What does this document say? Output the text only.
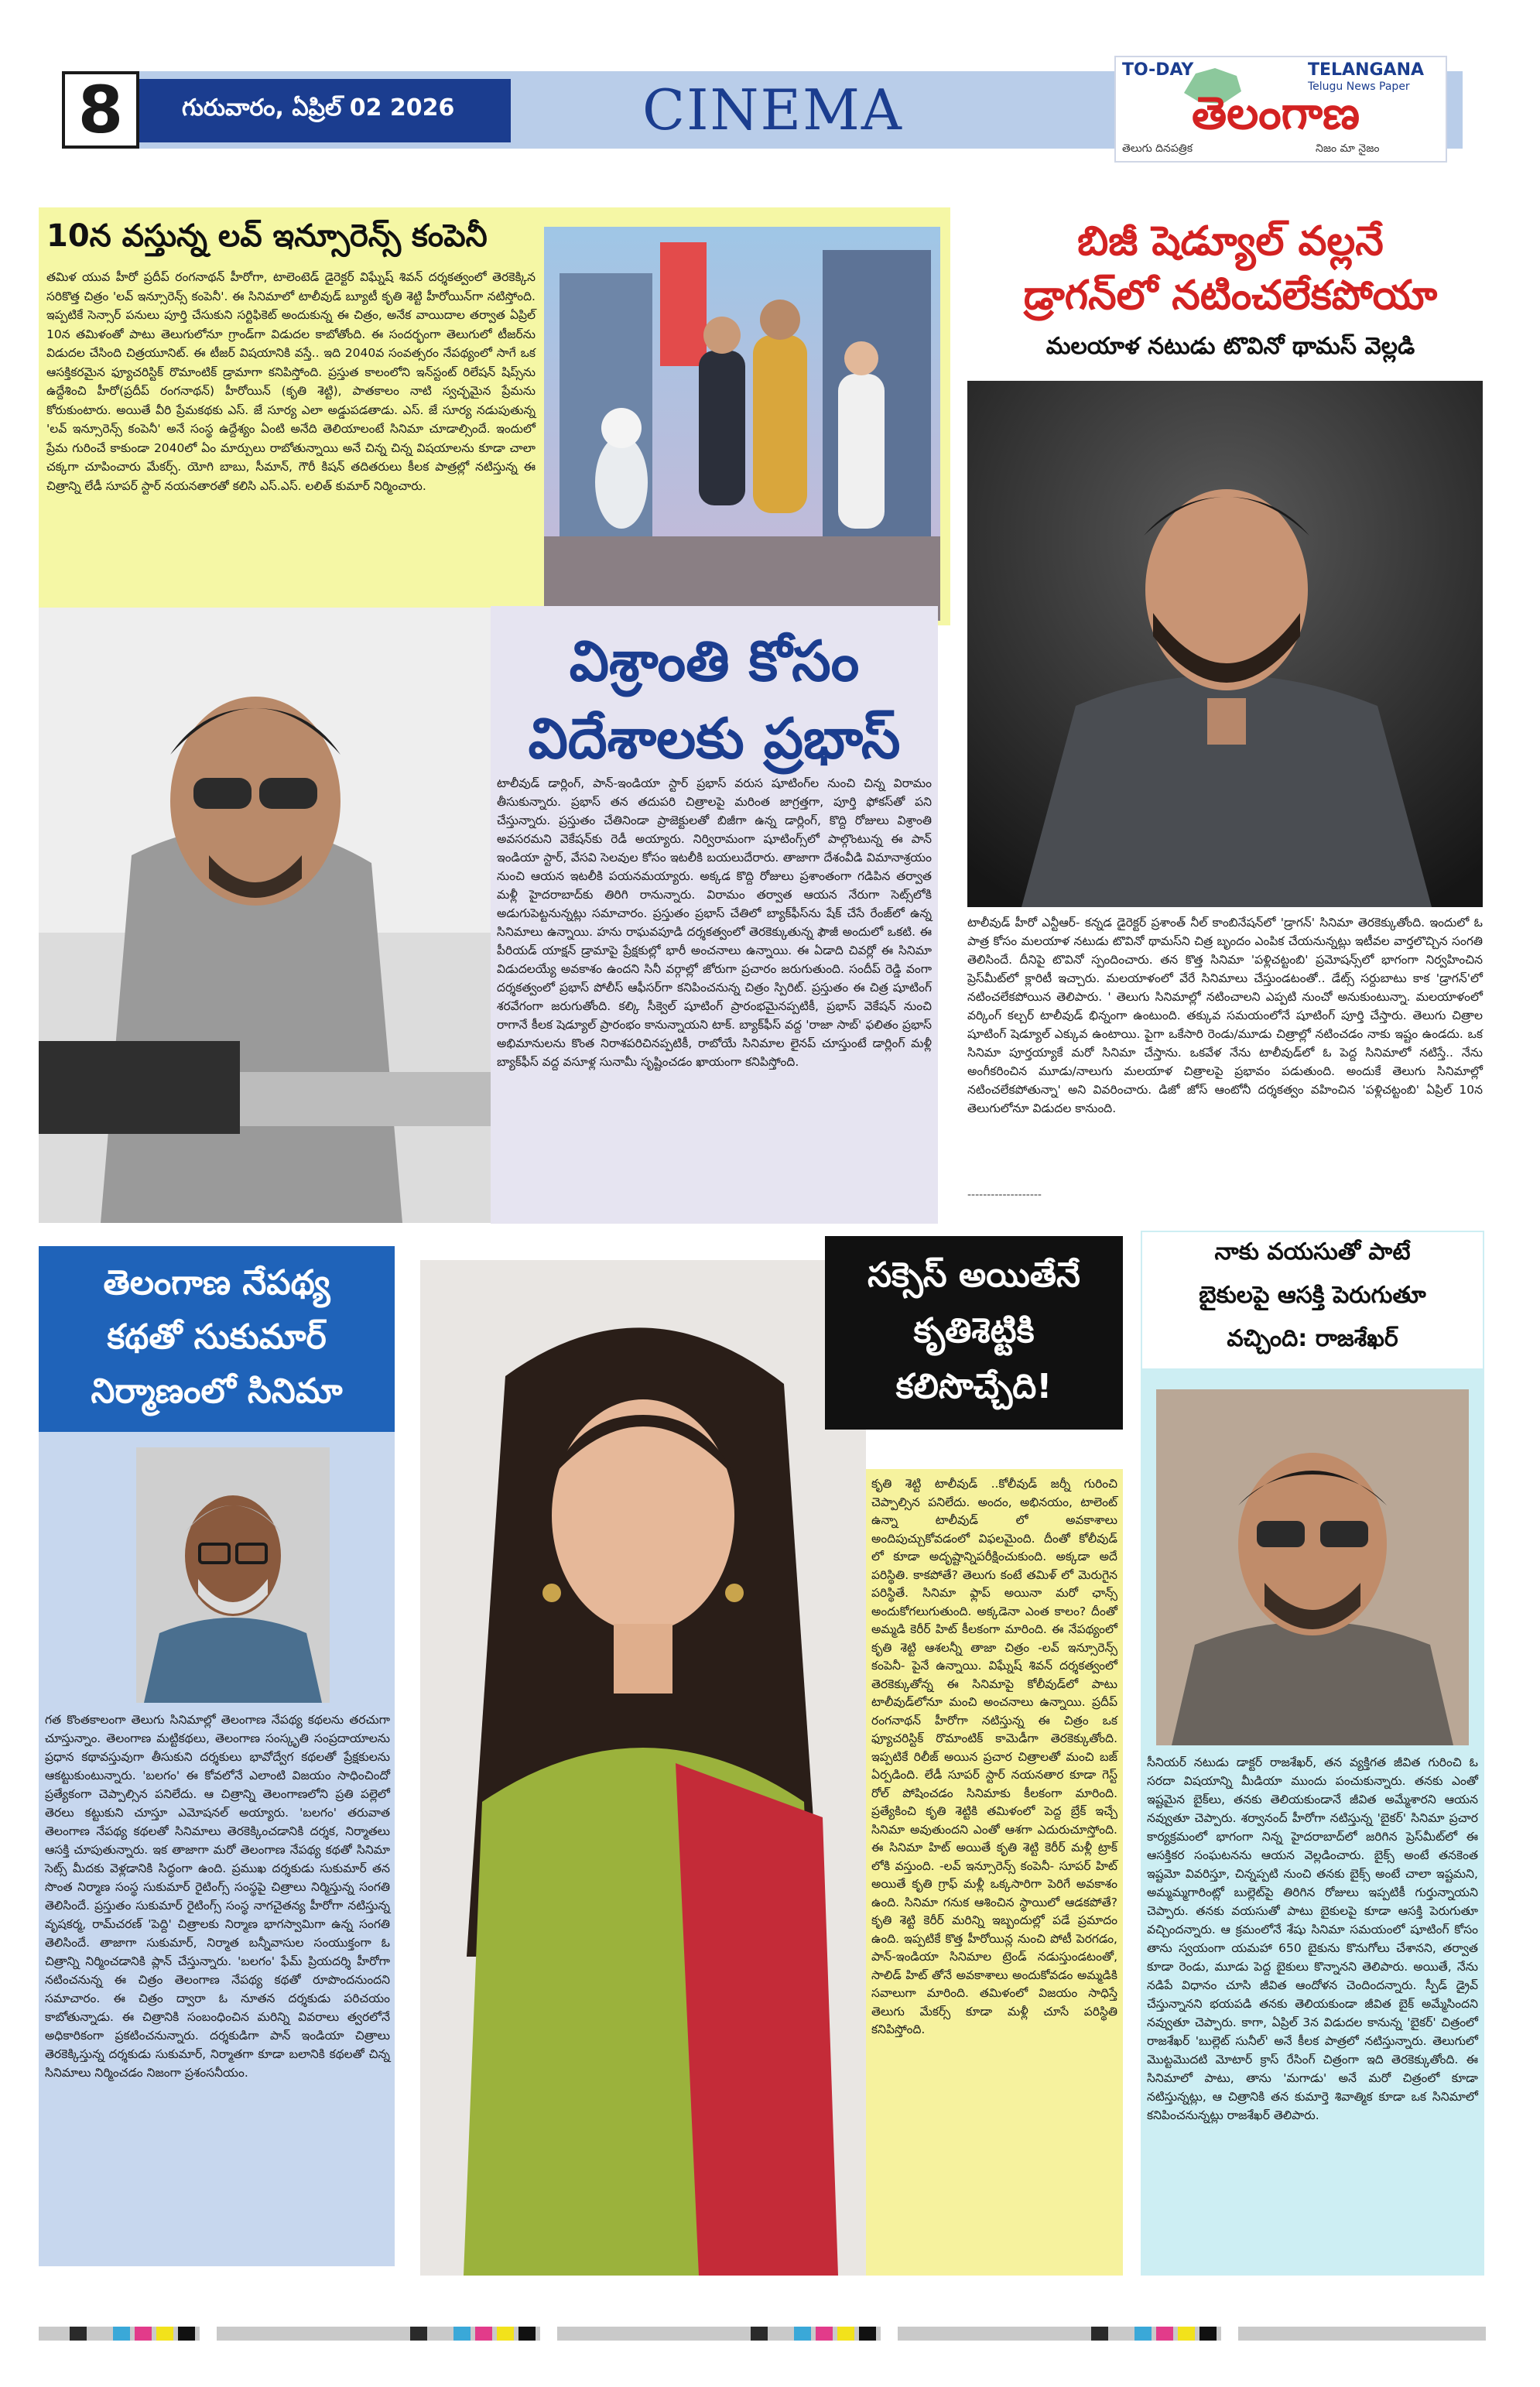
8	గురువారం, ఏప్రిల్ 02 2026	CINEMA
TO-DAY	TELANGANA
Telugu News Paper
తెలంగాణ
తెలుగు దినపత్రిక	నిజం మా నైజం
10న వస్తున్న లవ్ ఇన్సూరెన్స్ కంపెనీ
తమిళ యువ హీరో ప్రదీప్ రంగనాథన్ హీరోగా, టాలెంటెడ్ డైరెక్టర్ విఘ్నేష్ శివన్ దర్శకత్వంలో తెరకెక్కిన సరికొత్త చిత్రం 'లవ్ ఇన్సూరెన్స్ కంపెనీ'. ఈ సినిమాలో టాలీవుడ్ బ్యూటీ కృతి శెట్టి హీరోయిన్‌గా నటిస్తోంది. ఇప్పటికే సెన్సార్ పనులు పూర్తి చేసుకుని సర్టిఫికెట్ అందుకున్న ఈ చిత్రం, అనేక వాయిదాల తర్వాత ఏప్రిల్ 10న తమిళంతో పాటు తెలుగులోనూ గ్రాండ్‌గా విడుదల కాబోతోంది. ఈ సందర్భంగా తెలుగులో టీజర్‌ను విడుదల చేసింది చిత్రయూనిట్. ఈ టీజర్ విషయానికి వస్తే.. ఇది 2040వ సంవత్సరం నేపథ్యంలో సాగే ఒక ఆసక్తికరమైన ఫ్యూచరిస్టిక్ రొమాంటిక్ డ్రామాగా కనిపిస్తోంది. ప్రస్తుత కాలంలోని ఇన్‌స్టంట్ రిలేషన్ షిప్స్‌ను ఉద్దేశించి హీరో(ప్రదీప్ రంగనాథన్) హీరోయిన్ (కృతి శెట్టి), పాతకాలం నాటి స్వచ్ఛమైన ప్రేమను కోరుకుంటారు. అయితే వీరి ప్రేమకథకు ఎస్. జే సూర్య ఎలా అడ్డుపడతాడు. ఎస్. జే సూర్య నడుపుతున్న 'లవ్ ఇన్సూరెన్స్ కంపెనీ' అనే సంస్థ ఉద్దేశ్యం ఏంటి అనేది తెలియాలంటే సినిమా చూడాల్సిందే. ఇందులో ప్రేమ గురించే కాకుండా 2040లో ఏం మార్పులు రాబోతున్నాయి అనే చిన్న చిన్న విషయాలను కూడా చాలా చక్కగా చూపించారు మేకర్స్. యోగి బాబు, సీమాన్, గౌరీ కిషన్ తదితరులు కీలక పాత్రల్లో నటిస్తున్న ఈ చిత్రాన్ని లేడీ సూపర్ స్టార్ నయనతారతో కలిసి ఎస్.ఎస్. లలిత్ కుమార్ నిర్మించారు.
విశ్రాంతి కోసం
విదేశాలకు ప్రభాస్
టాలీవుడ్ డార్లింగ్, పాన్-ఇండియా స్టార్ ప్రభాస్ వరుస షూటింగ్‌ల నుంచి చిన్న విరామం తీసుకున్నారు. ప్రభాస్ తన తదుపరి చిత్రాలపై మరింత జాగ్రత్తగా, పూర్తి ఫోకస్‌తో పని చేస్తున్నారు. ప్రస్తుతం చేతినిండా ప్రాజెక్టులతో బిజీగా ఉన్న డార్లింగ్, కొద్ది రోజులు విశ్రాంతి అవసరమని వెకేషన్‌కు రెడీ అయ్యారు. నిర్విరామంగా షూటింగ్స్‌లో పాల్గొంటున్న ఈ పాన్ ఇండియా స్టార్, వేసవి సెలవుల కోసం ఇటలీకి బయలుదేరారు. తాజాగా దేశంవీడి విమానాశ్రయం నుంచి ఆయన ఇటలీకి పయనమయ్యారు. అక్కడ కొద్ది రోజులు ప్రశాంతంగా గడిపిన తర్వాత మళ్లీ హైదరాబాద్‌కు తిరిగి రానున్నారు. విరామం తర్వాత ఆయన నేరుగా సెట్స్‌లోకి అడుగుపెట్టనున్నట్లు సమాచారం. ప్రస్తుతం ప్రభాస్ చేతిలో బ్యాక్‌ఫీస్‌ను షేక్ చేసే రేంజ్‌లో ఉన్న సినిమాలు ఉన్నాయి. హను రాఘవపూడి దర్శకత్వంలో తెరకెక్కుతున్న ఫౌజీ అందులో ఒకటి. ఈ పీరియడ్ యాక్షన్ డ్రామాపై ప్రేక్షకుల్లో భారీ అంచనాలు ఉన్నాయి. ఈ ఏడాది చివర్లో ఈ సినిమా విడుదలయ్యే అవకాశం ఉందని సినీ వర్గాల్లో జోరుగా ప్రచారం జరుగుతుంది. సందీప్ రెడ్డి వంగా దర్శకత్వంలో ప్రభాస్ పోలీస్ ఆఫీసర్‌గా కనిపించనున్న చిత్రం స్పిరిట్. ప్రస్తుతం ఈ చిత్ర షూటింగ్ శరవేగంగా జరుగుతోంది. కల్కి సీక్వెల్ షూటింగ్ ప్రారంభమైనప్పటికీ, ప్రభాస్ వెకేషన్ నుంచి రాగానే కీలక షెడ్యూల్ ప్రారంభం కానున్నాయని టాక్. బ్యాక్‌ఫీస్ వద్ద 'రాజా సాబ్' ఫలితం ప్రభాస్ అభిమానులను కొంత నిరాశపరిచినప్పటికీ, రాబోయే సినిమాల లైనప్ చూస్తుంటే డార్లింగ్ మళ్లీ బ్యాక్‌ఫీస్ వద్ద వసూళ్ల సునామీ సృష్టించడం ఖాయంగా కనిపిస్తోంది.
బిజీ షెడ్యూల్ వల్లనే
డ్రాగన్‌లో నటించలేకపోయా
మలయాళ నటుడు టొవినో థామస్ వెల్లడి
టాలీవుడ్ హీరో ఎన్టీఆర్- కన్నడ డైరెక్టర్ ప్రశాంత్ నీల్ కాంబినేషన్‌లో 'డ్రాగన్' సినిమా తెరకెక్కుతోంది. ఇందులో ఓ పాత్ర కోసం మలయాళ నటుడు టొవినో థామస్‌ని చిత్ర బృందం ఎంపిక చేయనున్నట్లు ఇటీవల వార్తలొచ్చిన సంగతి తెలిసిందే. దీనిపై టొవినో స్పందించారు. తన కొత్త సినిమా 'పళ్లిచట్టంబి' ప్రమోషన్స్‌లో భాగంగా నిర్వహించిన ప్రెస్‌మీట్‌లో క్లారిటీ ఇచ్చారు. మలయాళంలో వేరే సినిమాలు చేస్తుండటంతో.. డేట్స్ సర్దుబాటు కాక 'డ్రాగన్'లో నటించలేకపోయిన తెలిపారు. ' తెలుగు సినిమాల్లో నటించాలని ఎప్పటి నుంచో అనుకుంటున్నా. మలయాళంలో వర్కింగ్ కల్చర్ టాలీవుడ్ భిన్నంగా ఉంటుంది. తక్కువ సమయంలోనే షూటింగ్ పూర్తి చేస్తారు. తెలుగు చిత్రాల షూటింగ్ షెడ్యూల్ ఎక్కువ ఉంటాయి. పైగా ఒకేసారి రెండు/మూడు చిత్రాల్లో నటించడం నాకు ఇష్టం ఉండదు. ఒక సినిమా పూర్తయ్యాకే మరో సినిమా చేస్తాను. ఒకవేళ నేను టాలీవుడ్‌లో ఓ పెద్ద సినిమాలో నటిస్తే.. నేను అంగీకరించిన మూడు/నాలుగు మలయాళ చిత్రాలపై ప్రభావం పడుతుంది. అందుకే తెలుగు సినిమాల్లో నటించలేకపోతున్నా' అని వివరించారు. డిజో జోస్ ఆంటోనీ దర్శకత్వం వహించిన 'పళ్లిచట్టంబి' ఏప్రిల్ 10న తెలుగులోనూ విడుదల కానుంది.
-------------------
తెలంగాణ నేపథ్య
కథతో సుకుమార్
నిర్మాణంలో సినిమా
గత కొంతకాలంగా తెలుగు సినిమాల్లో తెలంగాణ నేపథ్య కథలను తరచుగా చూస్తున్నాం. తెలంగాణ మట్టికథలు, తెలంగాణ సంస్కృతి సంప్రదాయాలను ప్రధాన కథావస్తువుగా తీసుకుని దర్శకులు భావోద్వేగ కథలతో ప్రేక్షకులను ఆకట్టుకుంటున్నారు. 'బలగం' ఈ కోవలోనే ఎలాంటి విజయం సాధించిందో ప్రత్యేకంగా చెప్పాల్సిన పనిలేదు. ఆ చిత్రాన్ని తెలంగాణలోని ప్రతి పల్లెలో తెరలు కట్టుకుని చూస్తూ ఎమోషనల్ అయ్యారు. 'బలగం' తరువాత తెలంగాణ నేపథ్య కథలతో సినిమాలు తెరకెక్కించడానికి దర్శక, నిర్మాతలు ఆసక్తి చూపుతున్నారు. ఇక తాజాగా మరో తెలంగాణ నేపథ్య కథతో సినిమా సెట్స్ మీదకు వెళ్లడానికి సిద్ధంగా ఉంది. ప్రముఖ దర్శకుడు సుకుమార్ తన సొంత నిర్మాణ సంస్థ సుకుమార్ రైటింగ్స్ సంస్థపై చిత్రాలు నిర్మిస్తున్న సంగతి తెలిసిందే. ప్రస్తుతం సుకుమార్ రైటింగ్స్ సంస్థ నాగచైతన్య హీరోగా నటిస్తున్న వృషకర్మ, రామ్‌చరణ్ 'పెద్ది' చిత్రాలకు నిర్మాణ భాగస్వామిగా ఉన్న సంగతి తెలిసిందే. తాజాగా సుకుమార్, నిర్మాత బన్నీవాసుల సంయుక్తంగా ఓ చిత్రాన్ని నిర్మించడానికి ప్లాన్ చేస్తున్నారు. 'బలగం' ఫేమ్ ప్రియదర్శి హీరోగా నటించనున్న ఈ చిత్రం తెలంగాణ నేపథ్య కథతో రూపొందనుందని సమాచారం. ఈ చిత్రం ద్వారా ఓ నూతన దర్శకుడు పరిచయం కాబోతున్నాడు. ఈ చిత్రానికి సంబంధించిన మరిన్ని వివరాలు త్వరలోనే అధికారికంగా ప్రకటించనున్నారు. దర్శకుడిగా పాన్ ఇండియా చిత్రాలు తెరకెక్కిస్తున్న దర్శకుడు సుకుమార్, నిర్మాతగా కూడా బలానికి కథలతో చిన్న సినిమాలు నిర్మించడం నిజంగా ప్రశంసనీయం.
సక్సెస్ అయితేనే
కృతిశెట్టికి
కలిసొచ్చేది!
కృతి శెట్టి టాలీవుడ్ ..కోలీవుడ్ జర్నీ గురించి చెప్పాల్సిన పనిలేదు. అందం, అభినయం, టాలెంట్ ఉన్నా టాలీవుడ్ లో అవకాశాలు అందిపుచ్చుకోవడంలో విఫలమైంది. దీంతో కోలీవుడ్ లో కూడా అదృష్టాన్నిపరీక్షించుకుంది. అక్కడా అదే పరిస్థితి. కాకపోతే? తెలుగు కంటే తమిళ్ లో మెరుగైన పరిస్థితే. సినిమా ఫ్లాప్ అయినా మరో ఛాన్స్ అందుకోగలుగుతుంది. అక్కడెనా ఎంత కాలం? దీంతో అమ్మడి కెరీర్ హిట్ కీలకంగా మారింది. ఈ నేపథ్యంలో కృతి శెట్టి ఆశలన్నీ తాజా చిత్రం -లవ్ ఇన్సూరెన్స్ కంపెనీ- పైనే ఉన్నాయి. విఘ్నేష్ శివన్ దర్శకత్వంలో తెరకెక్కుతోన్న ఈ సినిమాపై కోలీవుడ్‌లో పాటు టాలీవుడ్‌లోనూ మంచి అంచనాలు ఉన్నాయి. ప్రదీప్ రంగనాథన్ హీరోగా నటిస్తున్న ఈ చిత్రం ఒక ఫ్యూచరిస్టిక్ రొమాంటిక్ కామెడీగా తెరకెక్కుతోంది. ఇప్పటికే రిలీజ్ అయిన ప్రచార చిత్రాలతో మంచి బజ్ ఏర్పడింది. లేడీ సూపర్ స్టార్ నయనతార కూడా గెస్ట్ రోల్ పోషించడం సినిమాకు కీలకంగా మారింది. ప్రత్యేకించి కృతి శెట్టికి తమిళంలో పెద్ద బ్రేక్ ఇచ్చే సినిమా అవుతుందని ఎంతో ఆశగా ఎదురుచూస్తోంది. ఈ సినిమా హిట్ అయితే కృతి శెట్టి కెరీర్ మళ్లీ ట్రాక్ లోకి వస్తుంది. -లవ్ ఇన్సూరెన్స్ కంపెనీ- సూపర్ హిట్ అయితే కృతి గ్రాఫ్ మళ్లీ ఒక్కసారిగా పెరిగే అవకాశం ఉంది. సినిమా గనుక ఆశించిన స్థాయిలో ఆడకపోతే? కృతి శెట్టి కెరీర్ మరిన్ని ఇబ్బందుల్లో పడే ప్రమాదం ఉంది. ఇప్పటికే కొత్త హీరోయిన్ల నుంచి పోటీ పెరగడం, పాన్-ఇండియా సినిమాల ట్రెండ్ నడుస్తుండటంతో, సాలిడ్ హిట్ తోనే అవకాశాలు అందుకోవడం అమ్మడికి సవాలుగా మారింది. తమిళంలో విజయం సాధిస్తే తెలుగు మేకర్స్ కూడా మళ్లీ చూసే పరిస్థితి కనిపిస్తోంది.
నాకు వయసుతో పాటే
బైకులపై ఆసక్తి పెరుగుతూ
వచ్చింది: రాజశేఖర్
సీనియర్ నటుడు డాక్టర్ రాజశేఖర్, తన వ్యక్తిగత జీవిత గురించి ఓ సరదా విషయాన్ని మీడియా ముందు పంచుకున్నారు. తనకు ఎంతో ఇష్టమైన బైక్‌లు, తనకు తెలియకుండానే జీవిత అమ్మేశారని ఆయన నవ్వుతూ చెప్పారు. శర్వానంద్ హీరోగా నటిస్తున్న 'బైకర్' సినిమా ప్రచార కార్యక్రమంలో భాగంగా నిన్న హైదరాబాద్‌లో జరిగిన ప్రెస్‌మీట్‌లో ఈ ఆసక్తికర సంఘటనను ఆయన వెల్లడించారు. బైక్స్ అంటే తనకెంత ఇష్టమో వివరిస్తూ, చిన్నప్పటి నుంచి తనకు బైక్స్ అంటే చాలా ఇష్టమని, అమ్మమ్మగారింట్లో బుల్లెట్‌పై తిరిగిన రోజులు ఇప్పటికీ గుర్తున్నాయని చెప్పారు. తనకు వయసుతో పాటు బైకులపై కూడా ఆసక్తి పెరుగుతూ వచ్చిందన్నారు. ఆ క్రమంలోనే శేషు సినిమా సమయంలో షూటింగ్ కోసం తాను స్వయంగా యమహా 650 బైకును కొనుగోలు చేశానని, తర్వాత కూడా రెండు, మూడు పెద్ద బైకులు కొన్నానని తెలిపారు. అయితే, నేను నడిపే విధానం చూసి జీవిత ఆందోళన చెందిందన్నారు. స్పీడ్ డ్రైవ్ చేస్తున్నానని భయపడి తనకు తెలియకుండా జీవిత బైక్ అమ్మేసిందని నవ్వుతూ చెప్పారు. కాగా, ఏప్రిల్ 3న విడుదల కానున్న 'బైకర్' చిత్రంలో రాజశేఖర్ 'బుల్లెట్ సునీల్' అనే కీలక పాత్రలో నటిస్తున్నారు. తెలుగులో మొట్టమొదటి మోటార్ క్రాస్ రేసింగ్ చిత్రంగా ఇది తెరకెక్కుతోంది. ఈ సినిమాలో పాటు, తాను 'మగాడు' అనే మరో చిత్రంలో కూడా నటిస్తున్నట్లు, ఆ చిత్రానికి తన కుమార్తె శివాత్మిక కూడా ఒక సినిమాలో కనిపించనున్నట్లు రాజశేఖర్ తెలిపారు.
